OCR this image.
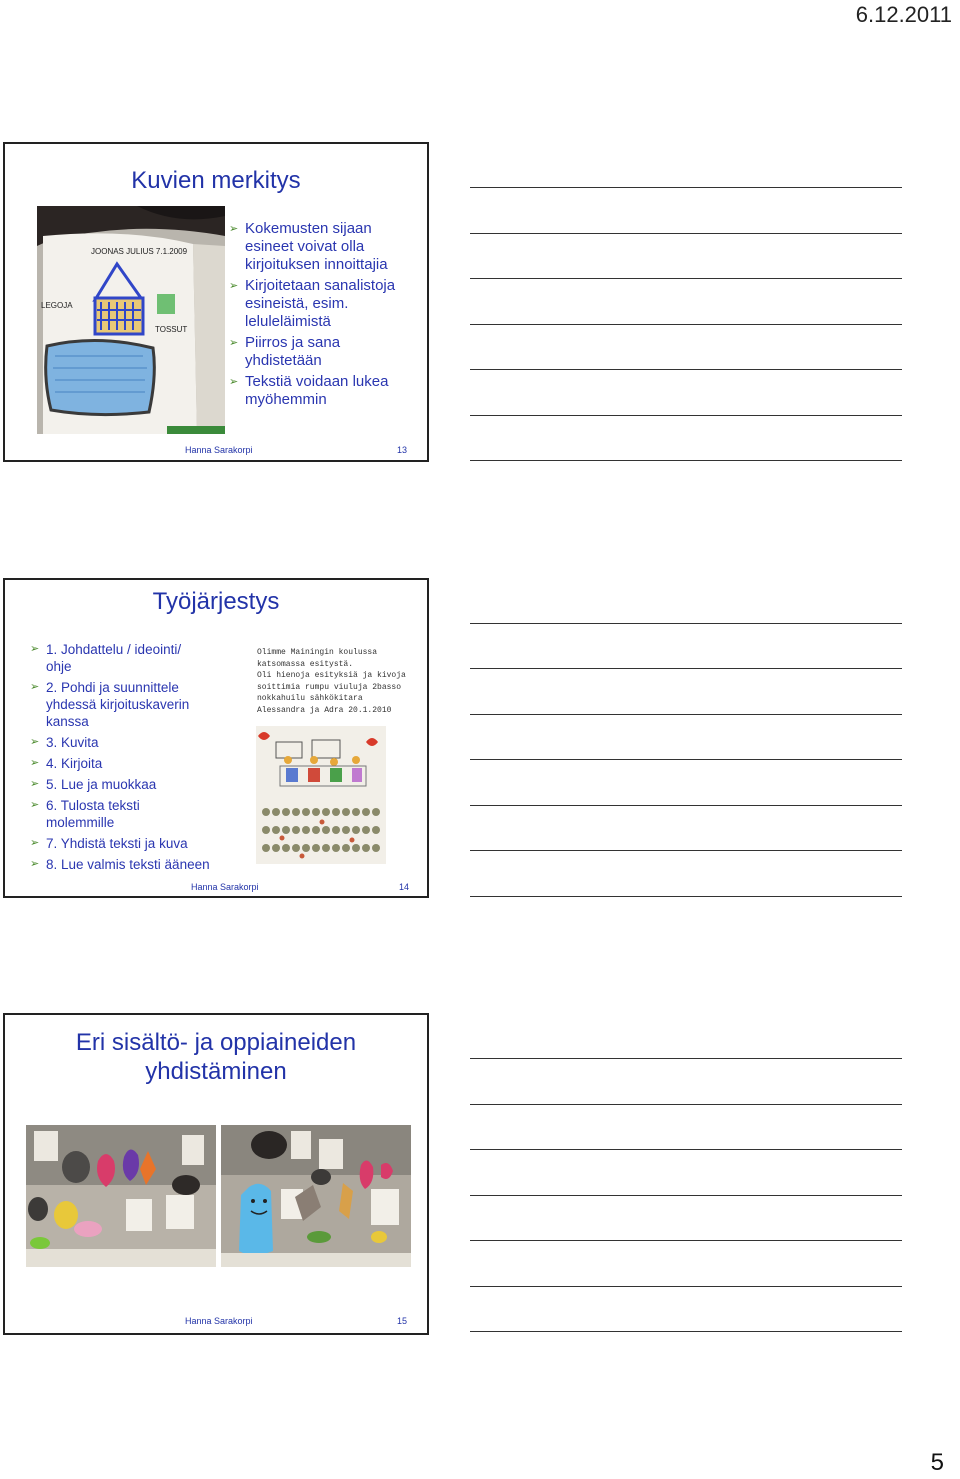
6.12.2011
Kuvien merkitys
JOONAS JULIUS 7.1.2009
LEGOJA
TOSSUT
➢ Kokemusten sijaan esineet voivat olla kirjoituksen innoittajia
➢ Kirjoitetaan sanalistoja esineistä, esim. leluleläimistä
➢ Piirros ja sana yhdistetään
➢ Tekstiä voidaan lukea myöhemmin
Hanna Sarakorpi	13
Työjärjestys
➢ 1. Johdattelu / ideointi/ ohje
➢ 2. Pohdi ja suunnittele yhdessä kirjoituskaverin kanssa
➢ 3. Kuvita
➢ 4. Kirjoita
➢ 5. Lue ja muokkaa
➢ 6. Tulosta teksti molemmille
➢ 7. Yhdistä teksti ja kuva
➢ 8. Lue valmis teksti ääneen
Olimme Mainingin koulussa
katsomassa esitystä.
Oli hienoja esityksiä ja kivoja
soittimia rumpu viuluja 2basso
nokkahuilu sähkökitara
Alessandra ja Adra 20.1.2010
Hanna Sarakorpi	14
Eri sisältö- ja oppiaineiden
yhdistäminen
Hanna Sarakorpi	15
5
